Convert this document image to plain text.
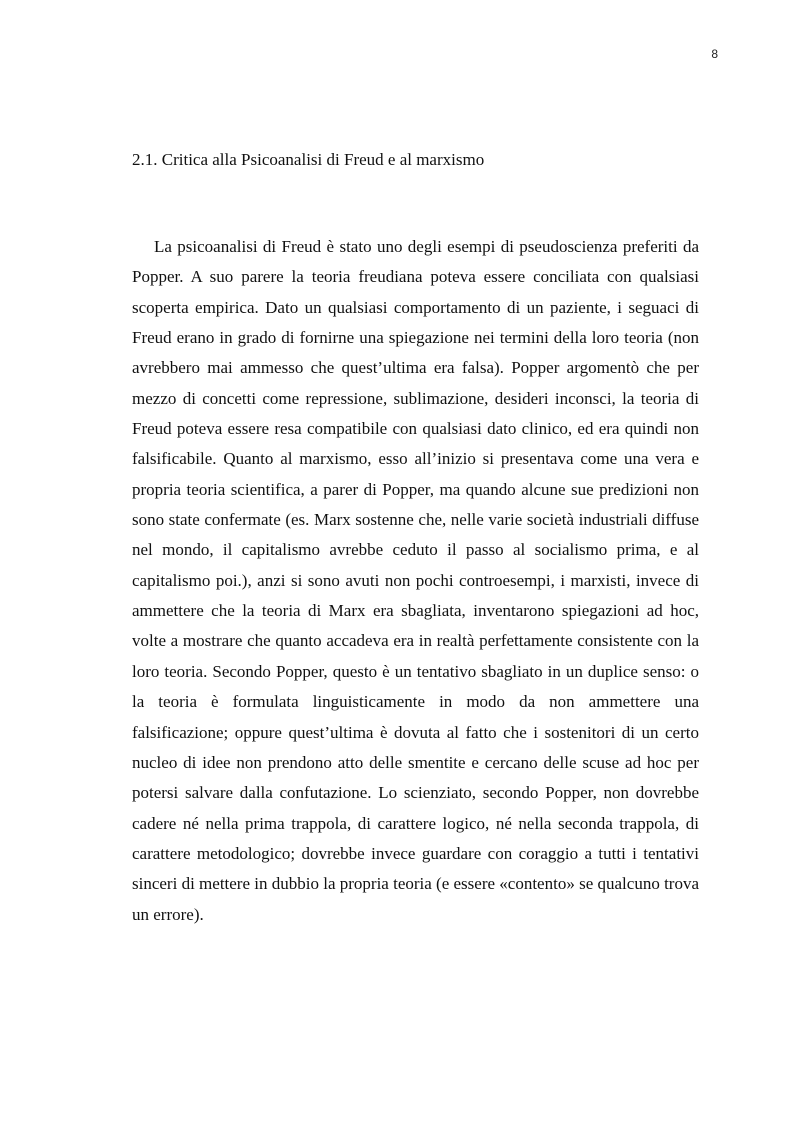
8
2.1. Critica alla Psicoanalisi di Freud e al marxismo

La psicoanalisi di Freud è stato uno degli esempi di pseudoscienza preferiti da Popper. A suo parere la teoria freudiana poteva essere conciliata con qualsiasi scoperta empirica. Dato un qualsiasi comportamento di un paziente, i seguaci di Freud erano in grado di fornirne una spiegazione nei termini della loro teoria (non avrebbero mai ammesso che quest’ultima era falsa). Popper argomentò che per mezzo di concetti come repressione, sublimazione, desideri inconsci, la teoria di Freud poteva essere resa compatibile con qualsiasi dato clinico, ed era quindi non falsificabile. Quanto al marxismo, esso all’inizio si presentava come una vera e propria teoria scientifica, a parer di Popper, ma quando alcune sue predizioni non sono state confermate (es. Marx sostenne che, nelle varie società industriali diffuse nel mondo, il capitalismo avrebbe ceduto il passo al socialismo prima, e al capitalismo poi.), anzi si sono avuti non pochi controesempi, i marxisti, invece di ammettere che la teoria di Marx era sbagliata, inventarono spiegazioni ad hoc, volte a mostrare che quanto accadeva era in realtà perfettamente consistente con la loro teoria. Secondo Popper, questo è un tentativo sbagliato in un duplice senso: o la teoria è formulata linguisticamente in modo da non ammettere una falsificazione; oppure quest’ultima è dovuta al fatto che i sostenitori di un certo nucleo di idee non prendono atto delle smentite e cercano delle scuse ad hoc per potersi salvare dalla confutazione. Lo scienziato, secondo Popper, non dovrebbe cadere né nella prima trappola, di carattere logico, né nella seconda trappola, di carattere metodologico; dovrebbe invece guardare con coraggio a tutti i tentativi sinceri di mettere in dubbio la propria teoria (e essere «contento» se qualcuno trova un errore).
